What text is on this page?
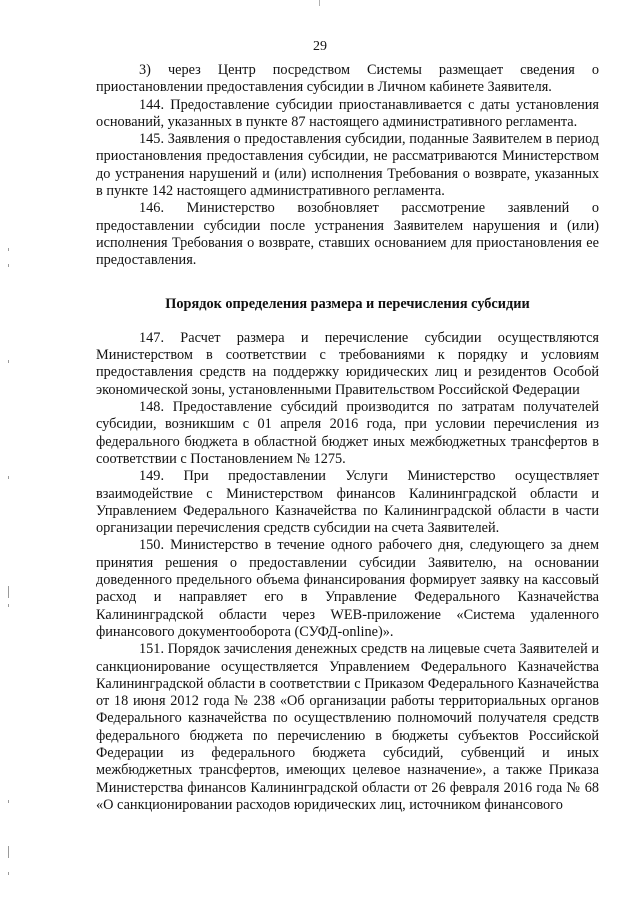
29

3) через Центр посредством Системы размещает сведения о приостановлении предоставления субсидии в Личном кабинете Заявителя.

144. Предоставление субсидии приостанавливается с даты установления оснований, указанных в пункте 87 настоящего административного регламента.

145. Заявления о предоставления субсидии, поданные Заявителем в период приостановления предоставления субсидии, не рассматриваются Министерством до устранения нарушений и (или) исполнения Требования о возврате, указанных в пункте 142 настоящего административного регламента.

146. Министерство возобновляет рассмотрение заявлений о предоставлении субсидии после устранения Заявителем нарушения и (или) исполнения Требования о возврате, ставших основанием для приостановления ее предоставления.

Порядок определения размера и перечисления субсидии

147. Расчет размера и перечисление субсидии осуществляются Министерством в соответствии с требованиями к порядку и условиям предоставления средств на поддержку юридических лиц и резидентов Особой экономической зоны, установленными Правительством Российской Федерации

148. Предоставление субсидий производится по затратам получателей субсидии, возникшим с 01 апреля 2016 года, при условии перечисления из федерального бюджета в областной бюджет иных межбюджетных трансфертов в соответствии с Постановлением № 1275.

149. При предоставлении Услуги Министерство осуществляет взаимодействие с Министерством финансов Калининградской области и Управлением Федерального Казначейства по Калининградской области в части организации перечисления средств субсидии на счета Заявителей.

150. Министерство в течение одного рабочего дня, следующего за днем принятия решения о предоставлении субсидии Заявителю, на основании доведенного предельного объема финансирования формирует заявку на кассовый расход и направляет его в Управление Федерального Казначейства Калининградской области через WEB-приложение «Система удаленного финансового документооборота (СУФД-online)».

151. Порядок зачисления денежных средств на лицевые счета Заявителей и санкционирование осуществляется Управлением Федерального Казначейства Калининградской области в соответствии с Приказом Федерального Казначейства от 18 июня 2012 года № 238 «Об организации работы территориальных органов Федерального казначейства по осуществлению полномочий получателя средств федерального бюджета по перечислению в бюджеты субъектов Российской Федерации из федерального бюджета субсидий, субвенций и иных межбюджетных трансфертов, имеющих целевое назначение», а также Приказа Министерства финансов Калининградской области от 26 февраля 2016 года № 68 «О санкционировании расходов юридических лиц, источником финансового
